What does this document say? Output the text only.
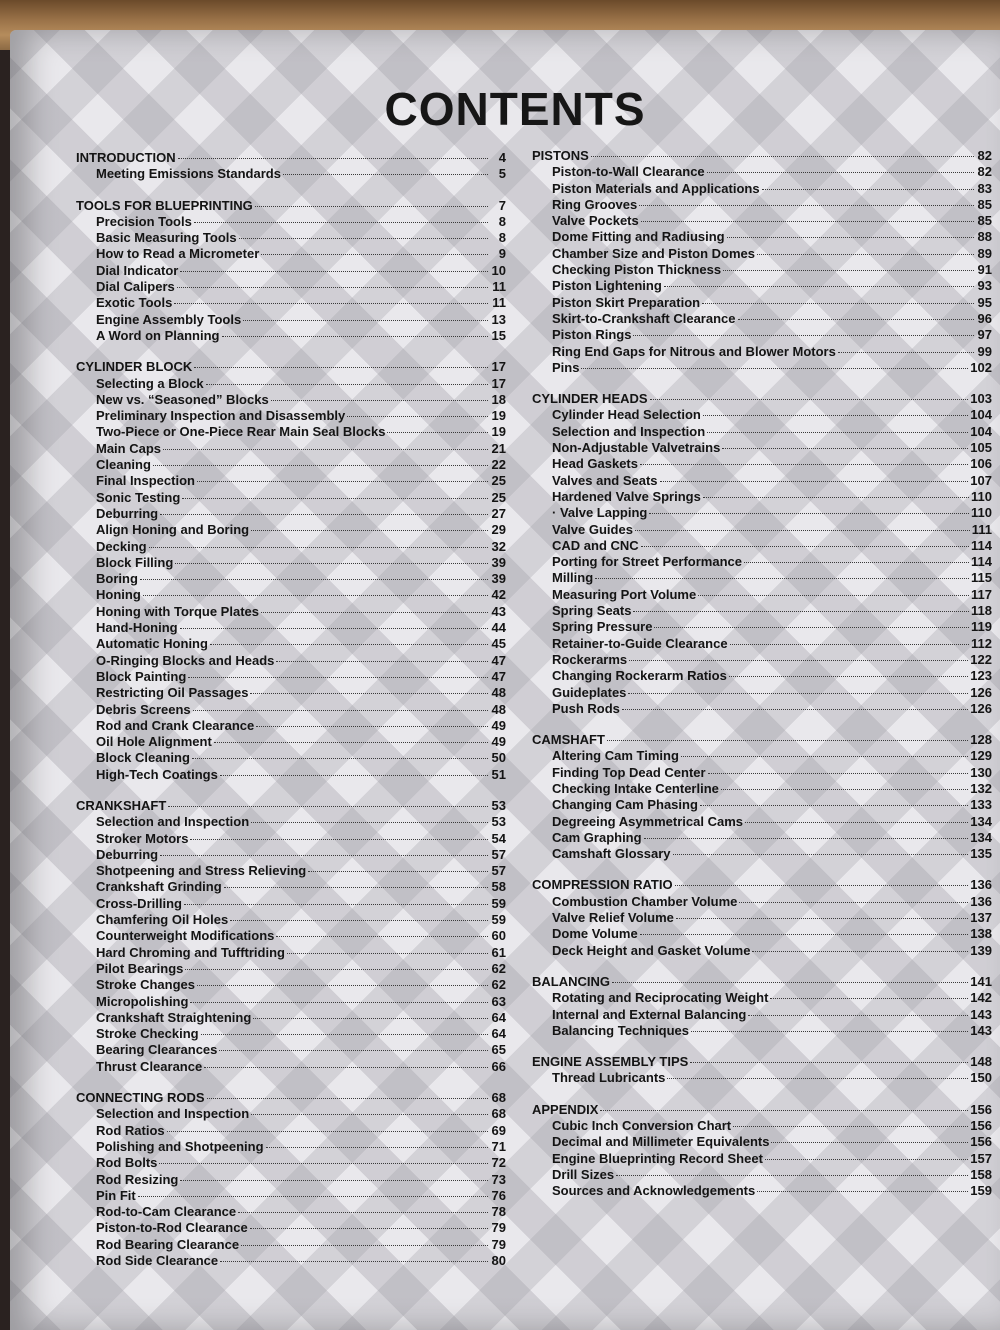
CONTENTS
INTRODUCTION	4
Meeting Emissions Standards	5
TOOLS FOR BLUEPRINTING	7
Precision Tools	8
Basic Measuring Tools	8
How to Read a Micrometer	9
Dial Indicator	10
Dial Calipers	11
Exotic Tools	11
Engine Assembly Tools	13
A Word on Planning	15
CYLINDER BLOCK	17
Selecting a Block	17
New vs. “Seasoned” Blocks	18
Preliminary Inspection and Disassembly	19
Two-Piece or One-Piece Rear Main Seal Blocks	19
Main Caps	21
Cleaning	22
Final Inspection	25
Sonic Testing	25
Deburring	27
Align Honing and Boring	29
Decking	32
Block Filling	39
Boring	39
Honing	42
Honing with Torque Plates	43
Hand-Honing	44
Automatic Honing	45
O-Ringing Blocks and Heads	47
Block Painting	47
Restricting Oil Passages	48
Debris Screens	48
Rod and Crank Clearance	49
Oil Hole Alignment	49
Block Cleaning	50
High-Tech Coatings	51
CRANKSHAFT	53
Selection and Inspection	53
Stroker Motors	54
Deburring	57
Shotpeening and Stress Relieving	57
Crankshaft Grinding	58
Cross-Drilling	59
Chamfering Oil Holes	59
Counterweight Modifications	60
Hard Chroming and Tufftriding	61
Pilot Bearings	62
Stroke Changes	62
Micropolishing	63
Crankshaft Straightening	64
Stroke Checking	64
Bearing Clearances	65
Thrust Clearance	66
CONNECTING RODS	68
Selection and Inspection	68
Rod Ratios	69
Polishing and Shotpeening	71
Rod Bolts	72
Rod Resizing	73
Pin Fit	76
Rod-to-Cam Clearance	78
Piston-to-Rod Clearance	79
Rod Bearing Clearance	79
Rod Side Clearance	80
PISTONS	82
Piston-to-Wall Clearance	82
Piston Materials and Applications	83
Ring Grooves	85
Valve Pockets	85
Dome Fitting and Radiusing	88
Chamber Size and Piston Domes	89
Checking Piston Thickness	91
Piston Lightening	93
Piston Skirt Preparation	95
Skirt-to-Crankshaft Clearance	96
Piston Rings	97
Ring End Gaps for Nitrous and Blower Motors	99
Pins	102
CYLINDER HEADS	103
Cylinder Head Selection	104
Selection and Inspection	104
Non-Adjustable Valvetrains	105
Head Gaskets	106
Valves and Seats	107
Hardened Valve Springs	110
· Valve Lapping	110
Valve Guides	111
CAD and CNC	114
Porting for Street Performance	114
Milling	115
Measuring Port Volume	117
Spring Seats	118
Spring Pressure	119
Retainer-to-Guide Clearance	112
Rockerarms	122
Changing Rockerarm Ratios	123
Guideplates	126
Push Rods	126
CAMSHAFT	128
Altering Cam Timing	129
Finding Top Dead Center	130
Checking Intake Centerline	132
Changing Cam Phasing	133
Degreeing Asymmetrical Cams	134
Cam Graphing	134
Camshaft Glossary	135
COMPRESSION RATIO	136
Combustion Chamber Volume	136
Valve Relief Volume	137
Dome Volume	138
Deck Height and Gasket Volume	139
BALANCING	141
Rotating and Reciprocating Weight	142
Internal and External Balancing	143
Balancing Techniques	143
ENGINE ASSEMBLY TIPS	148
Thread Lubricants	150
APPENDIX	156
Cubic Inch Conversion Chart	156
Decimal and Millimeter Equivalents	156
Engine Blueprinting Record Sheet	157
Drill Sizes	158
Sources and Acknowledgements	159
